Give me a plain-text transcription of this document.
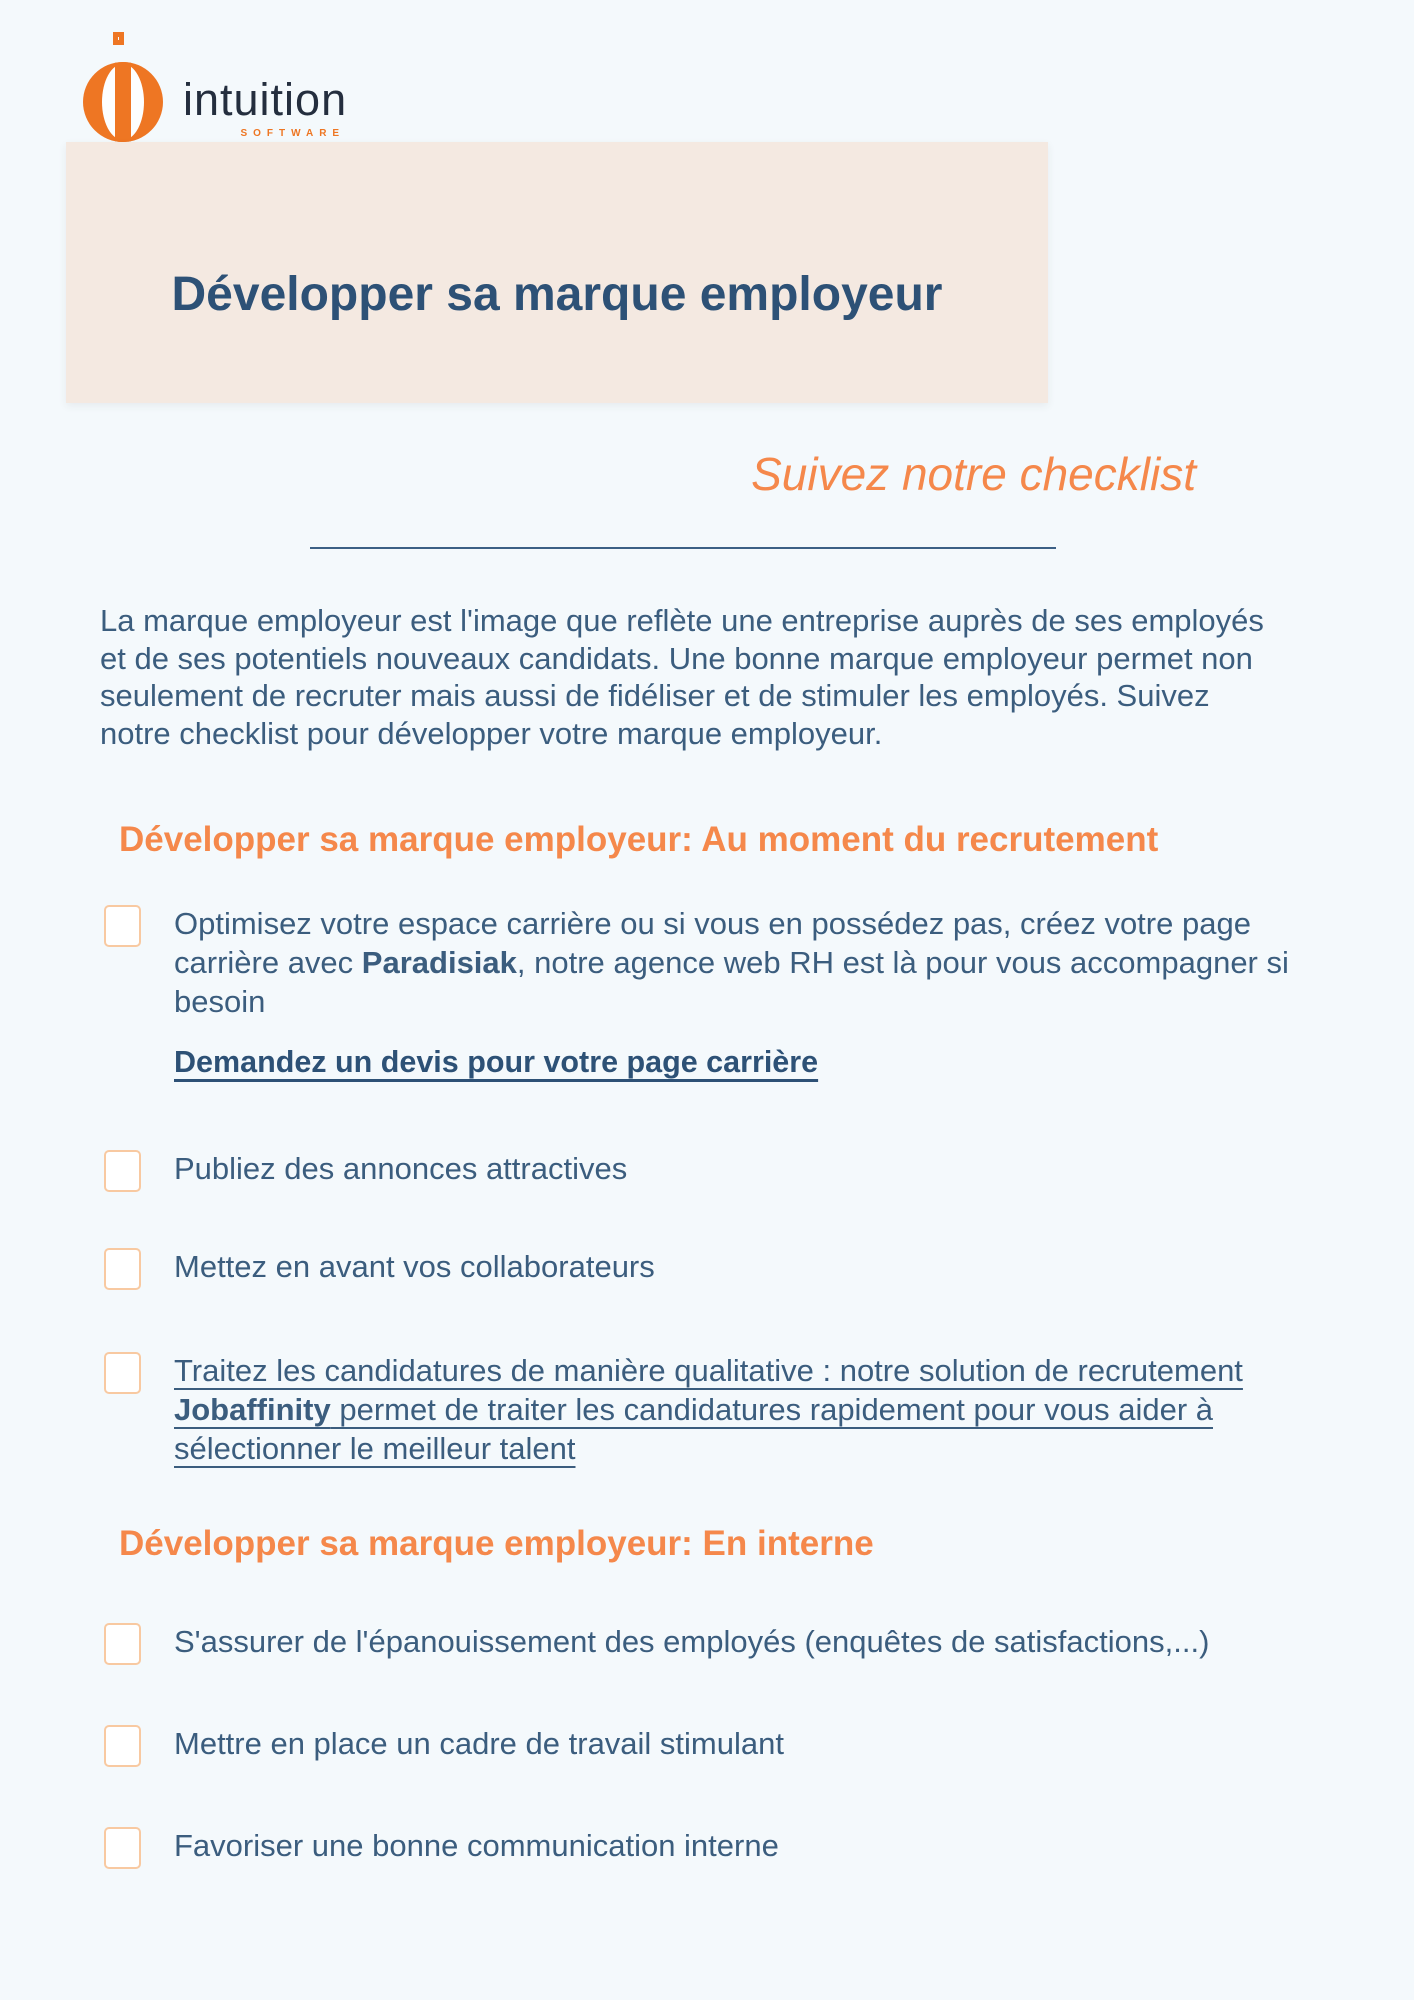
intuition
SOFTWARE
Développer sa marque employeur
Suivez notre checklist

La marque employeur est l'image que reflète une entreprise auprès de ses employés et de ses potentiels nouveaux candidats. Une bonne marque employeur permet non seulement de recruter mais aussi de fidéliser et de stimuler les employés. Suivez notre checklist pour développer votre marque employeur.

Développer sa marque employeur: Au moment du recrutement
Optimisez votre espace carrière ou si vous en possédez pas, créez votre page carrière avec Paradisiak, notre agence web RH est là pour vous accompagner si besoin
Demandez un devis pour votre page carrière
Publiez des annonces attractives
Mettez en avant vos collaborateurs
Traitez les candidatures de manière qualitative : notre solution de recrutement Jobaffinity permet de traiter les candidatures rapidement pour vous aider à sélectionner le meilleur talent
Développer sa marque employeur: En interne
S'assurer de l'épanouissement des employés (enquêtes de satisfactions,...)
Mettre en place un cadre de travail stimulant
Favoriser une bonne communication interne
